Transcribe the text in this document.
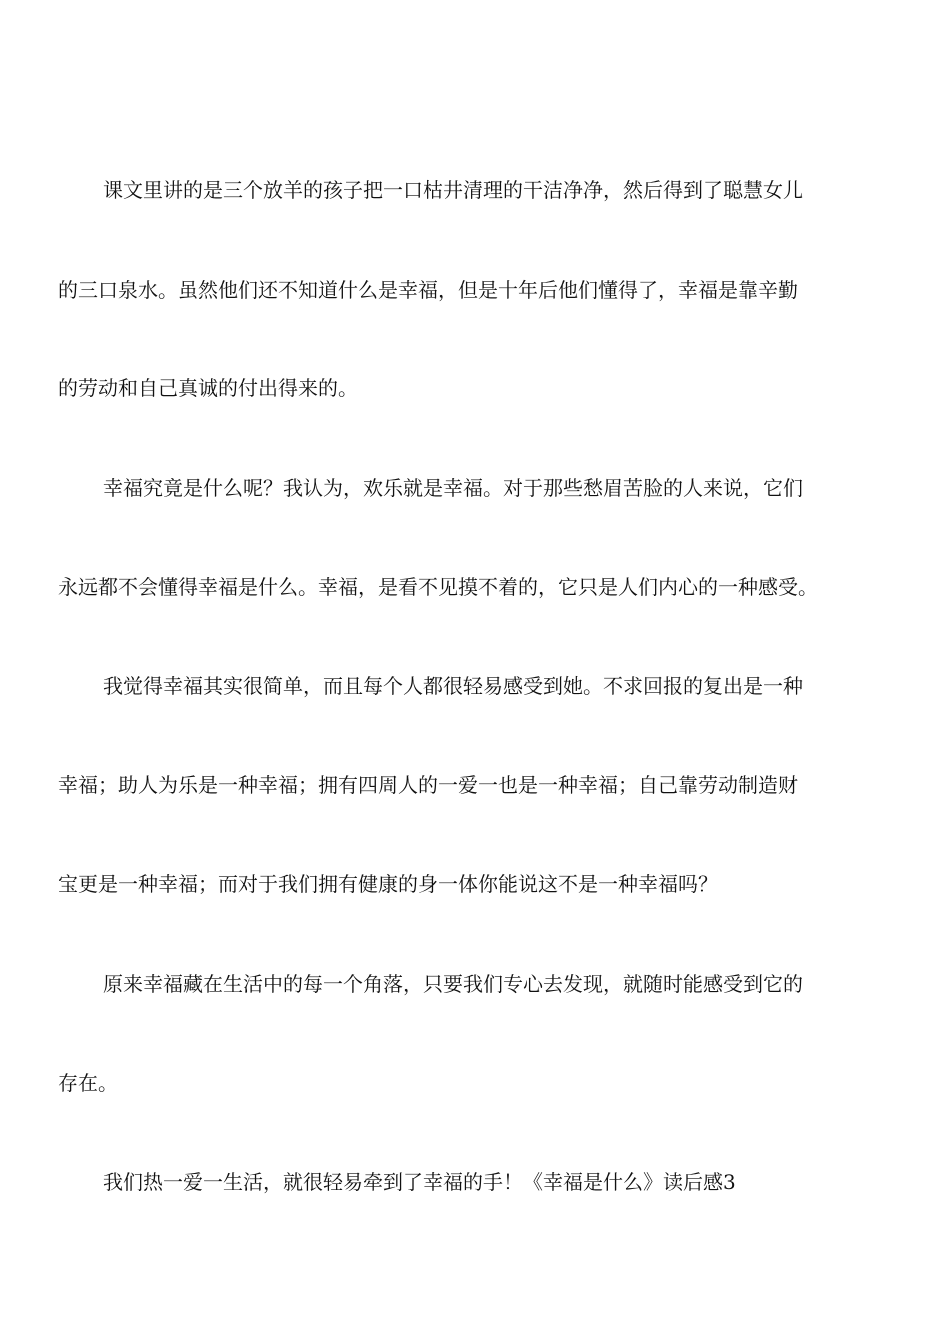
课文里讲的是三个放羊的孩子把一口枯井清理的干洁净净，然后得到了聪慧女儿
的三口泉水。虽然他们还不知道什么是幸福，但是十年后他们懂得了，幸福是靠辛勤
的劳动和自己真诚的付出得来的。
幸福究竟是什么呢？我认为，欢乐就是幸福。对于那些愁眉苦脸的人来说，它们
永远都不会懂得幸福是什么。幸福，是看不见摸不着的，它只是人们内心的一种感受。
我觉得幸福其实很简单，而且每个人都很轻易感受到她。不求回报的复出是一种
幸福；助人为乐是一种幸福；拥有四周人的一爱一也是一种幸福；自己靠劳动制造财
宝更是一种幸福；而对于我们拥有健康的身一体你能说这不是一种幸福吗？
原来幸福藏在生活中的每一个角落，只要我们专心去发现，就随时能感受到它的
存在。
我们热一爱一生活，就很轻易牵到了幸福的手！《幸福是什么》读后感3
